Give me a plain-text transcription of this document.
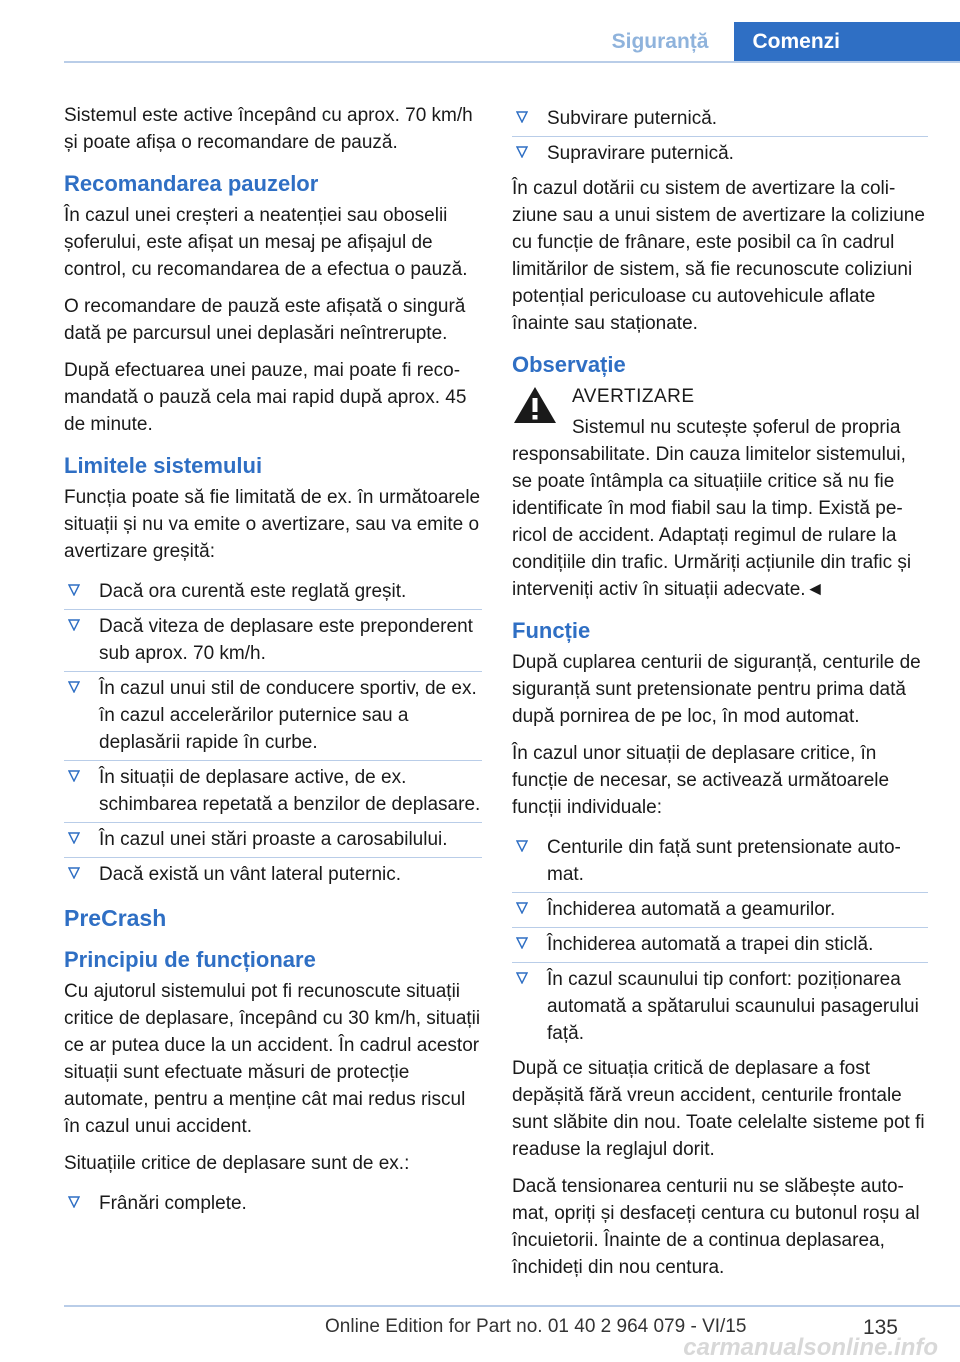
Siguranță	Comenzi

Sistemul este active începând cu aprox. 70 km/h și poate afișa o recomandare de pauză.

Recomandarea pauzelor

În cazul unei creșteri a neatenției sau oboselii șoferului, este afișat un mesaj pe afișajul de control, cu recomandarea de a efectua o pauză.

O recomandare de pauză este afișată o singură dată pe parcursul unei deplasări neîntrerupte.

După efectuarea unei pauze, mai poate fi recomandată o pauză cela mai rapid după aprox. 45 de minute.

Limitele sistemului

Funcția poate să fie limitată de ex. în următoarele situații și nu va emite o avertizare, sau va emite o avertizare greșită:

Dacă ora curentă este reglată greșit.
Dacă viteza de deplasare este preponderent sub aprox. 70 km/h.
În cazul unui stil de conducere sportiv, de ex. în cazul accelerărilor puternice sau a deplasării rapide în curbe.
În situații de deplasare active, de ex. schimbarea repetată a benzilor de deplasare.
În cazul unei stări proaste a carosabilului.
Dacă există un vânt lateral puternic.
PreCrash
Principiu de funcționare

Cu ajutorul sistemului pot fi recunoscute situații critice de deplasare, începând cu 30 km/h, situații ce ar putea duce la un accident. În cadrul acestor situații sunt efectuate măsuri de protecție automate, pentru a menține cât mai redus riscul în cazul unui accident.

Situațiile critice de deplasare sunt de ex.:

Frânări complete.
Subvirare puternică.
Supravirare puternică.

În cazul dotării cu sistem de avertizare la coliziune sau a unui sistem de avertizare la coliziune cu funcție de frânare, este posibil ca în cadrul limitărilor de sistem, să fie recunoscute coliziuni potențial periculoase cu autovehicule aflate înainte sau staționate.

Observație
AVERTIZARE

Sistemul nu scutește șoferul de propria responsabilitate. Din cauza limitelor sistemului, se poate întâmpla ca situațiile critice să nu fie identificate în mod fiabil sau la timp. Există pericol de accident. Adaptați regimul de rulare la condițiile din trafic. Urmăriți acțiunile din trafic și interveniți activ în situații adecvate.◄

Funcție

După cuplarea centurii de siguranță, centurile de siguranță sunt pretensionate pentru prima dată după pornirea de pe loc, în mod automat.

În cazul unor situații de deplasare critice, în funcție de necesar, se activează următoarele funcții individuale:

Centurile din față sunt pretensionate automat.
Închiderea automată a geamurilor.
Închiderea automată a trapei din sticlă.
În cazul scaunului tip confort: poziționarea automată a spătarului scaunului pasagerului față.

După ce situația critică de deplasare a fost depășită fără vreun accident, centurile frontale sunt slăbite din nou. Toate celelalte sisteme pot fi readuse la reglajul dorit.

Dacă tensionarea centurii nu se slăbește automat, opriți și desfaceți centura cu butonul roșu al încuietorii. Înainte de a continua deplasarea, închideți din nou centura.

135
Online Edition for Part no. 01 40 2 964 079 - VI/15
carmanualsonline.info
